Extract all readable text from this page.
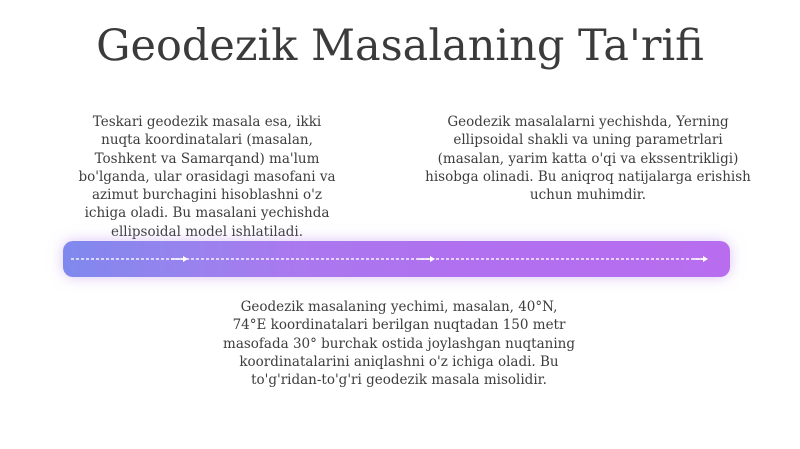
Geodezik Masalaning Ta'rifi

Teskari geodezik masala esa, ikki nuqta koordinatalari (masalan, Toshkent va Samarqand) ma'lum bo'lganda, ular orasidagi masofani va azimut burchagini hisoblashni o'z ichiga oladi. Bu masalani yechishda ellipsoidal model ishlatiladi.

Geodezik masalalarni yechishda, Yerning ellipsoidal shakli va uning parametrlari (masalan, yarim katta o'qi va ekssentrikligi) hisobga olinadi. Bu aniqroq natijalarga erishish uchun muhimdir.

Geodezik masalaning yechimi, masalan, 40°N, 74°E koordinatalari berilgan nuqtadan 150 metr masofada 30° burchak ostida joylashgan nuqtaning koordinatalarini aniqlashni o'z ichiga oladi. Bu to'g'ridan-to'g'ri geodezik masala misolidir.
